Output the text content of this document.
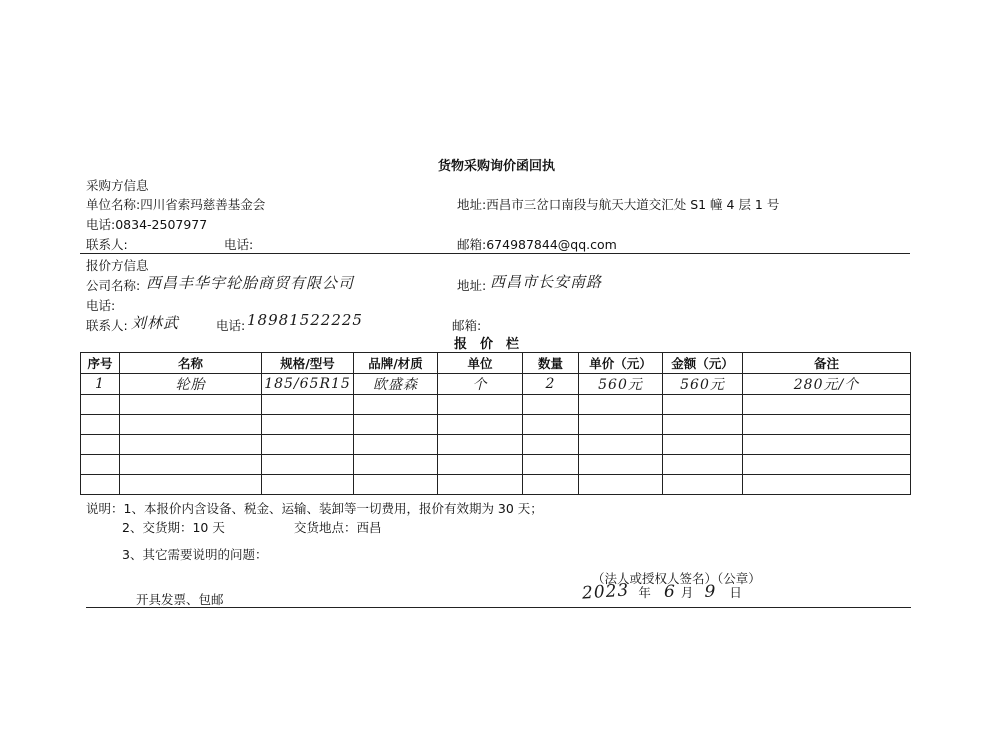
货物采购询价函回执
采购方信息
单位名称:四川省索玛慈善基金会	地址:西昌市三岔口南段与航天大道交汇处 S1 幢 4 层 1 号
电话:0834-2507977
联系人:	电话:	邮箱:674987844@qq.com
报价方信息
公司名称: 西昌丰华宇轮胎商贸有限公司	地址: 西昌市长安南路
电话:
联系人: 刘林武	电话: 18981522225	邮箱:
报　价　栏
序号	名称	规格/型号	品牌/材质	单位	数量	单价（元）	金额（元）	备注
1	轮胎	185/65R15	欧盛森	个	2	560元	560元	280元/个

说明：1、本报价内含设备、税金、运输、装卸等一切费用，报价有效期为 30 天；
2、交货期：10 天	交货地点：西昌
3、其它需要说明的问题：
（法人或授权人签名）（公章）
开具发票、包邮	2023 年 6 月 9 日
